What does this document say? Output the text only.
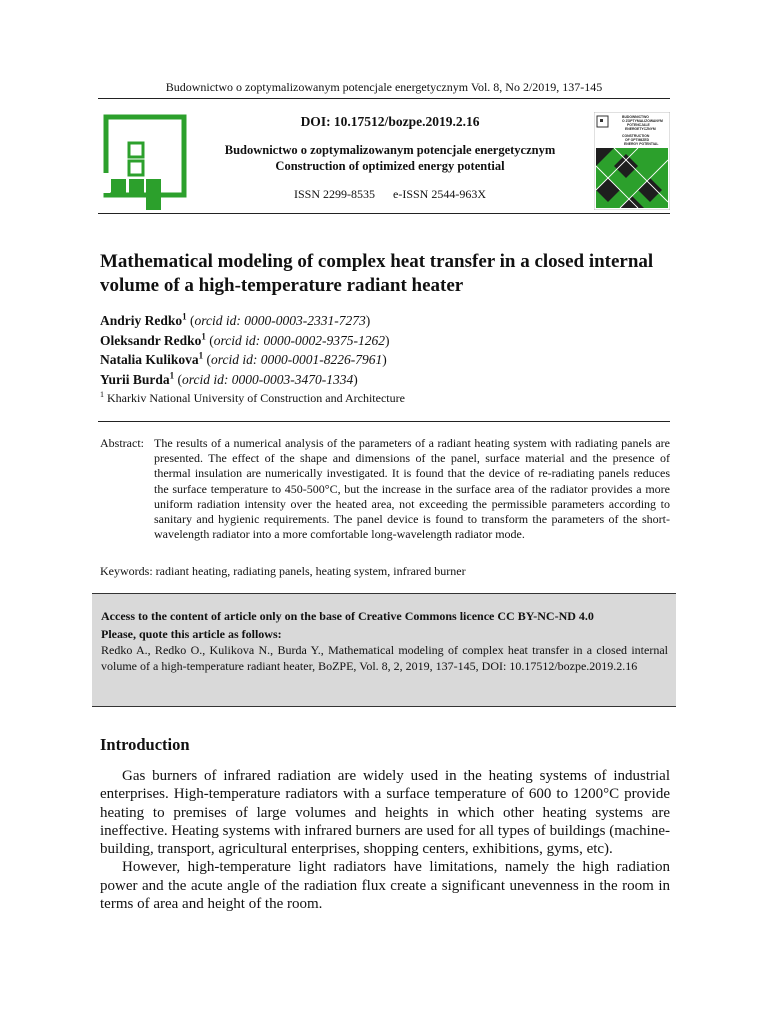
Budownictwo o zoptymalizowanym potencjale energetycznym Vol. 8, No 2/2019, 137-145
DOI: 10.17512/bozpe.2019.2.16
Budownictwo o zoptymalizowanym potencjale energetycznym
Construction of optimized energy potential
ISSN 2299-8535 e-ISSN 2544-963X
BUDOWNICTWO
O ZOPTYMALIZOWANYM
POTENCJALE
ENERGETYCZNYM
CONSTRUCTION
OF OPTIMIZED
ENERGY POTENTIAL
Mathematical modeling of complex heat transfer in a closed internal volume of a high-temperature radiant heater
Andriy Redko$^1$ (orcid id: 0000-0003-2331-7273)
Oleksandr Redko$^1$ (orcid id: 0000-0002-9375-1262)
Natalia Kulikova$^1$ (orcid id: 0000-0001-8226-7961)
Yurii Burda$^1$ (orcid id: 0000-0003-3470-1334)
$^1$ Kharkiv National University of Construction and Architecture
Abstract: The results of a numerical analysis of the parameters of a radiant heating system with radiating panels are presented. The effect of the shape and dimensions of the panel, surface material and the presence of thermal insulation are numerically investigated. It is found that the device of re-radiating panels reduces the surface temperature to 450-500°C, but the increase in the surface area of the radiator provides a more uniform radiation intensity over the heated area, not exceeding the permissible parameters according to sanitary and hygienic requirements. The panel device is found to transform the parameters of the short-wavelength radiator into a more comfortable long-wavelength radiator mode.
Keywords: radiant heating, radiating panels, heating system, infrared burner
Access to the content of article only on the base of Creative Commons licence CC BY-NC-ND 4.0
Please, quote this article as follows:
Redko A., Redko O., Kulikova N., Burda Y., Mathematical modeling of complex heat transfer in a closed internal volume of a high-temperature radiant heater, BoZPE, Vol. 8, 2, 2019, 137-145, DOI: 10.17512/bozpe.2019.2.16
Introduction

Gas burners of infrared radiation are widely used in the heating systems of industrial enterprises. High-temperature radiators with a surface temperature of 600 to 1200°C provide heating to premises of large volumes and heights in which other heating systems are ineffective. Heating systems with infrared burners are used for all types of buildings (machine-building, transport, agricultural enterprises, shopping centers, exhibitions, gyms, etc).

However, high-temperature light radiators have limitations, namely the high radiation power and the acute angle of the radiation flux create a significant unevenness in the room in terms of area and height of the room.
